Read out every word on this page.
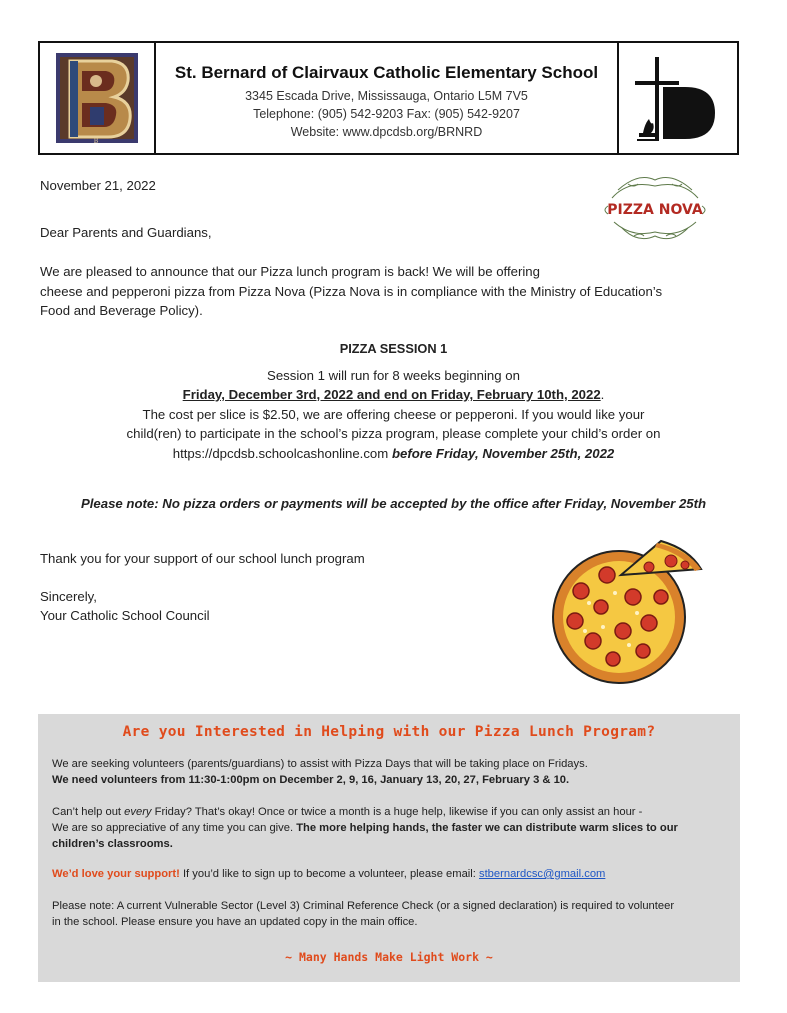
B
St. Bernard of Clairvaux Catholic Elementary School
3345 Escada Drive, Mississauga, Ontario L5M 7V5
Telephone: (905) 542-9203 Fax: (905) 542-9207
Website: www.dpcdsb.org/BRNRD
PIZZA NOVA
November 21, 2022
Dear Parents and Guardians,
We are pleased to announce that our Pizza lunch program is back! We will be offering
cheese and pepperoni pizza from Pizza Nova (Pizza Nova is in compliance with the Ministry of Education’s
Food and Beverage Policy).
PIZZA SESSION 1
Session 1 will run for 8 weeks beginning on
Friday, December 3rd, 2022 and end on Friday, February 10th, 2022.
The cost per slice is $2.50, we are offering cheese or pepperoni. If you would like your
child(ren) to participate in the school’s pizza program, please complete your child’s order on
https://dpcdsb.schoolcashonline.com before Friday, November 25th, 2022
Please note: No pizza orders or payments will be accepted by the office after Friday, November 25th
Thank you for your support of our school lunch program
Sincerely,
Your Catholic School Council
Are you Interested in Helping with our Pizza Lunch Program?
We are seeking volunteers (parents/guardians) to assist with Pizza Days that will be taking place on Fridays.
We need volunteers from 11:30-1:00pm on December 2, 9, 16, January 13, 20, 27, February 3 & 10.
Can’t help out every Friday? That’s okay! Once or twice a month is a huge help, likewise if you can only assist an hour -
We are so appreciative of any time you can give. The more helping hands, the faster we can distribute warm slices to our
children’s classrooms.
We’d love your support! If you’d like to sign up to become a volunteer, please email: stbernardcsc@gmail.com
Please note: A current Vulnerable Sector (Level 3) Criminal Reference Check (or a signed declaration) is required to volunteer
in the school. Please ensure you have an updated copy in the main office.
~ Many Hands Make Light Work ~
